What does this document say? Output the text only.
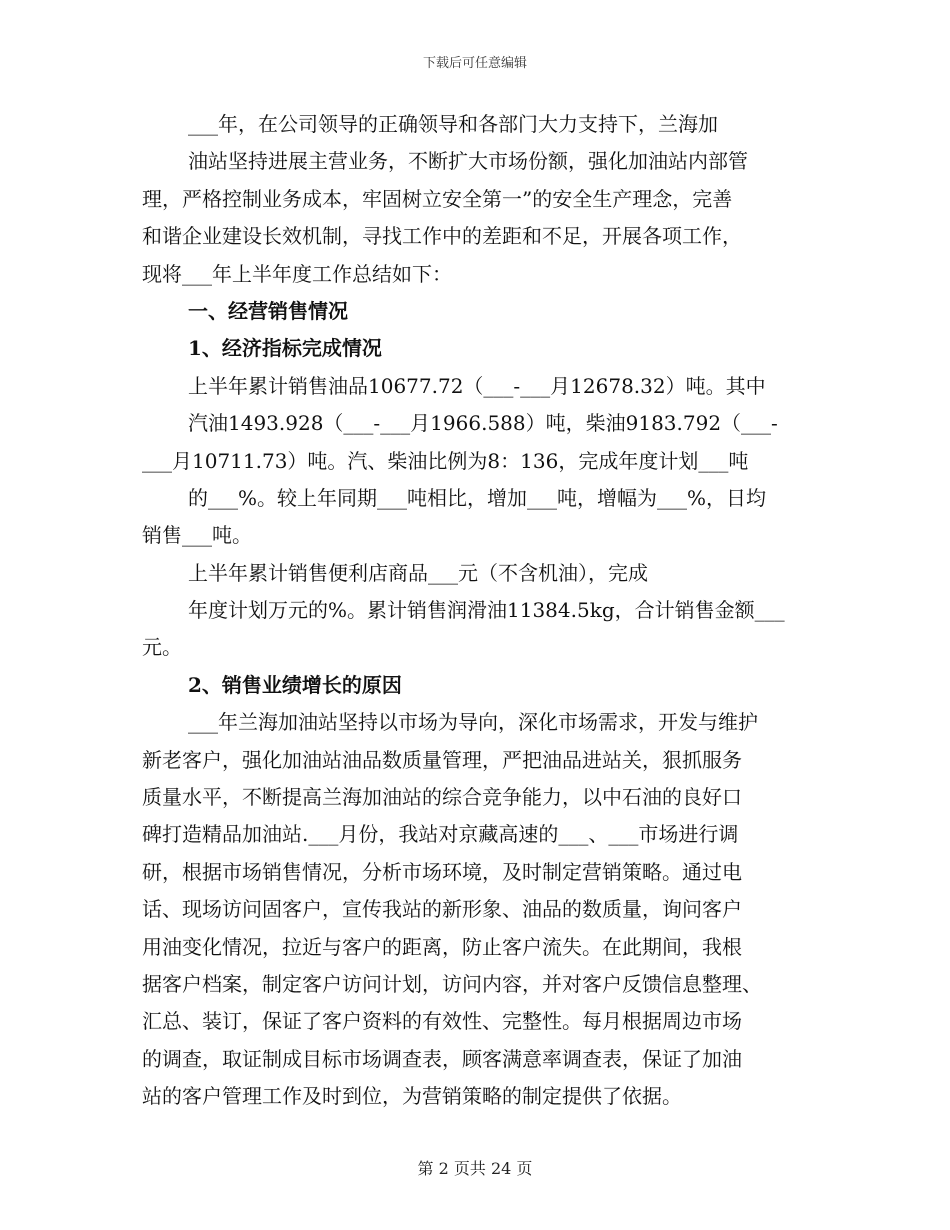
下载后可任意编辑
___年，在公司领导的正确领导和各部门大力支持下，兰海加
油站坚持进展主营业务，不断扩大市场份额，强化加油站内部管
理，严格控制业务成本，牢固树立安全第一”的安全生产理念，完善
和谐企业建设长效机制，寻找工作中的差距和不足，开展各项工作，
现将___年上半年度工作总结如下：
一、经营销售情况
1、经济指标完成情况
上半年累计销售油品10677.72（___-___月12678.32）吨。其中
汽油1493.928（___-___月1966.588）吨，柴油9183.792（___-
___月10711.73）吨。汽、柴油比例为8：136，完成年度计划___吨
的___%。较上年同期___吨相比，增加___吨，增幅为___%，日均
销售___吨。
上半年累计销售便利店商品___元（不含机油），完成
年度计划万元的%。累计销售润滑油11384.5kg，合计销售金额___
元。
2、销售业绩增长的原因
___年兰海加油站坚持以市场为导向，深化市场需求，开发与维护
新老客户，强化加油站油品数质量管理，严把油品进站关，狠抓服务
质量水平，不断提高兰海加油站的综合竞争能力，以中石油的良好口
碑打造精品加油站.___月份，我站对京藏高速的___、___市场进行调
研，根据市场销售情况，分析市场环境，及时制定营销策略。通过电
话、现场访问固客户，宣传我站的新形象、油品的数质量，询问客户
用油变化情况，拉近与客户的距离，防止客户流失。在此期间，我根
据客户档案，制定客户访问计划，访问内容，并对客户反馈信息整理、
汇总、装订，保证了客户资料的有效性、完整性。每月根据周边市场
的调查，取证制成目标市场调查表，顾客满意率调查表，保证了加油
站的客户管理工作及时到位，为营销策略的制定提供了依据。
第 2 页共 24 页
